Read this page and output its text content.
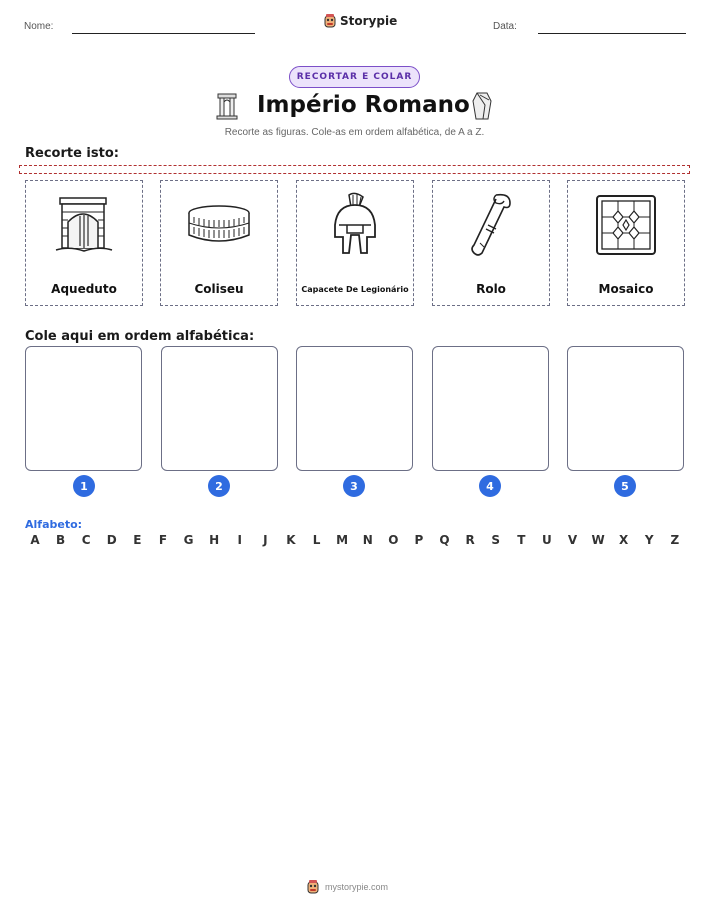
Nome:	Storypie	Data:
RECORTAR E COLAR
Império Romano
Recorte as figuras. Cole-as em ordem alfabética, de A a Z.
Recorte isto:
Aqueduto	Coliseu	Capacete De Legionário	Rolo	Mosaico
Cole aqui em ordem alfabética:
1	2	3	4	5
Alfabeto:
A	B	C	D	E	F	G	H	I	J	K	L	M	N	O	P	Q	R	S	T	U	V	W	X	Y	Z
mystorypie.com
